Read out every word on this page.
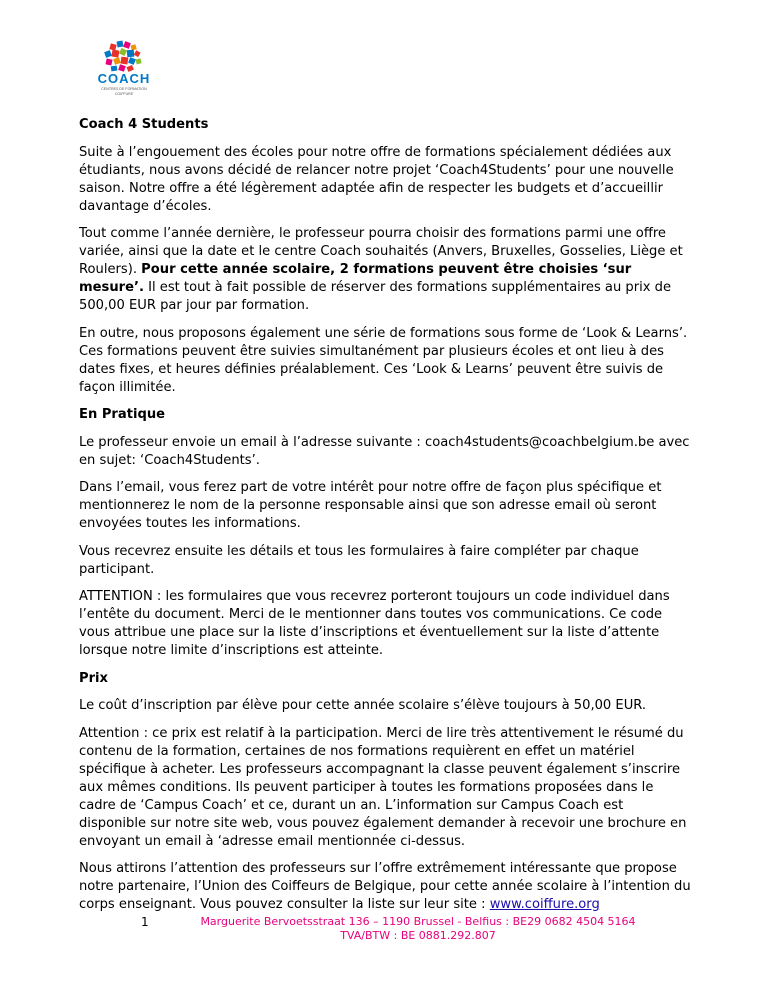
COACH
CENTRES DE FORMATION
COIFFURE
Coach 4 Students

Suite à l’engouement des écoles pour notre offre de formations spécialement dédiées aux étudiants, nous avons décidé de relancer notre projet ‘Coach4Students’ pour une nouvelle saison. Notre offre a été légèrement adaptée afin de respecter les budgets et d’accueillir davantage d’écoles.

Tout comme l’année dernière, le professeur pourra choisir des formations parmi une offre variée, ainsi que la date et le centre Coach souhaités (Anvers, Bruxelles, Gosselies, Liège et Roulers). Pour cette année scolaire, 2 formations peuvent être choisies ‘sur mesure’. Il est tout à fait possible de réserver des formations supplémentaires au prix de 500,00 EUR par jour par formation.

En outre, nous proposons également une série de formations sous forme de ‘Look & Learns’. Ces formations peuvent être suivies simultanément par plusieurs écoles et ont lieu à des dates fixes, et heures définies préalablement. Ces ‘Look & Learns’ peuvent être suivis de façon illimitée.

En Pratique

Le professeur envoie un email à l’adresse suivante : coach4students@coachbelgium.be avec en sujet: ‘Coach4Students’.

Dans l’email, vous ferez part de votre intérêt pour notre offre de façon plus spécifique et mentionnerez le nom de la personne responsable ainsi que son adresse email où seront envoyées toutes les informations.

Vous recevrez ensuite les détails et tous les formulaires à faire compléter par chaque participant.

ATTENTION : les formulaires que vous recevrez porteront toujours un code individuel dans l’entête du document. Merci de le mentionner dans toutes vos communications. Ce code vous attribue une place sur la liste d’inscriptions et éventuellement sur la liste d’attente lorsque notre limite d’inscriptions est atteinte.

Prix

Le coût d’inscription par élève pour cette année scolaire s’élève toujours à 50,00 EUR.

Attention : ce prix est relatif à la participation. Merci de lire très attentivement le résumé du contenu de la formation, certaines de nos formations requièrent en effet un matériel spécifique à acheter. Les professeurs accompagnant la classe peuvent également s’inscrire aux mêmes conditions. Ils peuvent participer à toutes les formations proposées dans le cadre de ‘Campus Coach’ et ce, durant un an. L’information sur Campus Coach est disponible sur notre site web, vous pouvez également demander à recevoir une brochure en envoyant un email à ‘adresse email mentionnée ci-dessus.

Nous attirons l’attention des professeurs sur l’offre extrêmement intéressante que propose notre partenaire, l’Union des Coiffeurs de Belgique, pour cette année scolaire à l’intention du corps enseignant. Vous pouvez consulter la liste sur leur site : www.coiffure.org

1	Marguerite Bervoetsstraat 136 – 1190 Brussel - Belfius : BE29 0682 4504 5164
TVA/BTW : BE 0881.292.807
